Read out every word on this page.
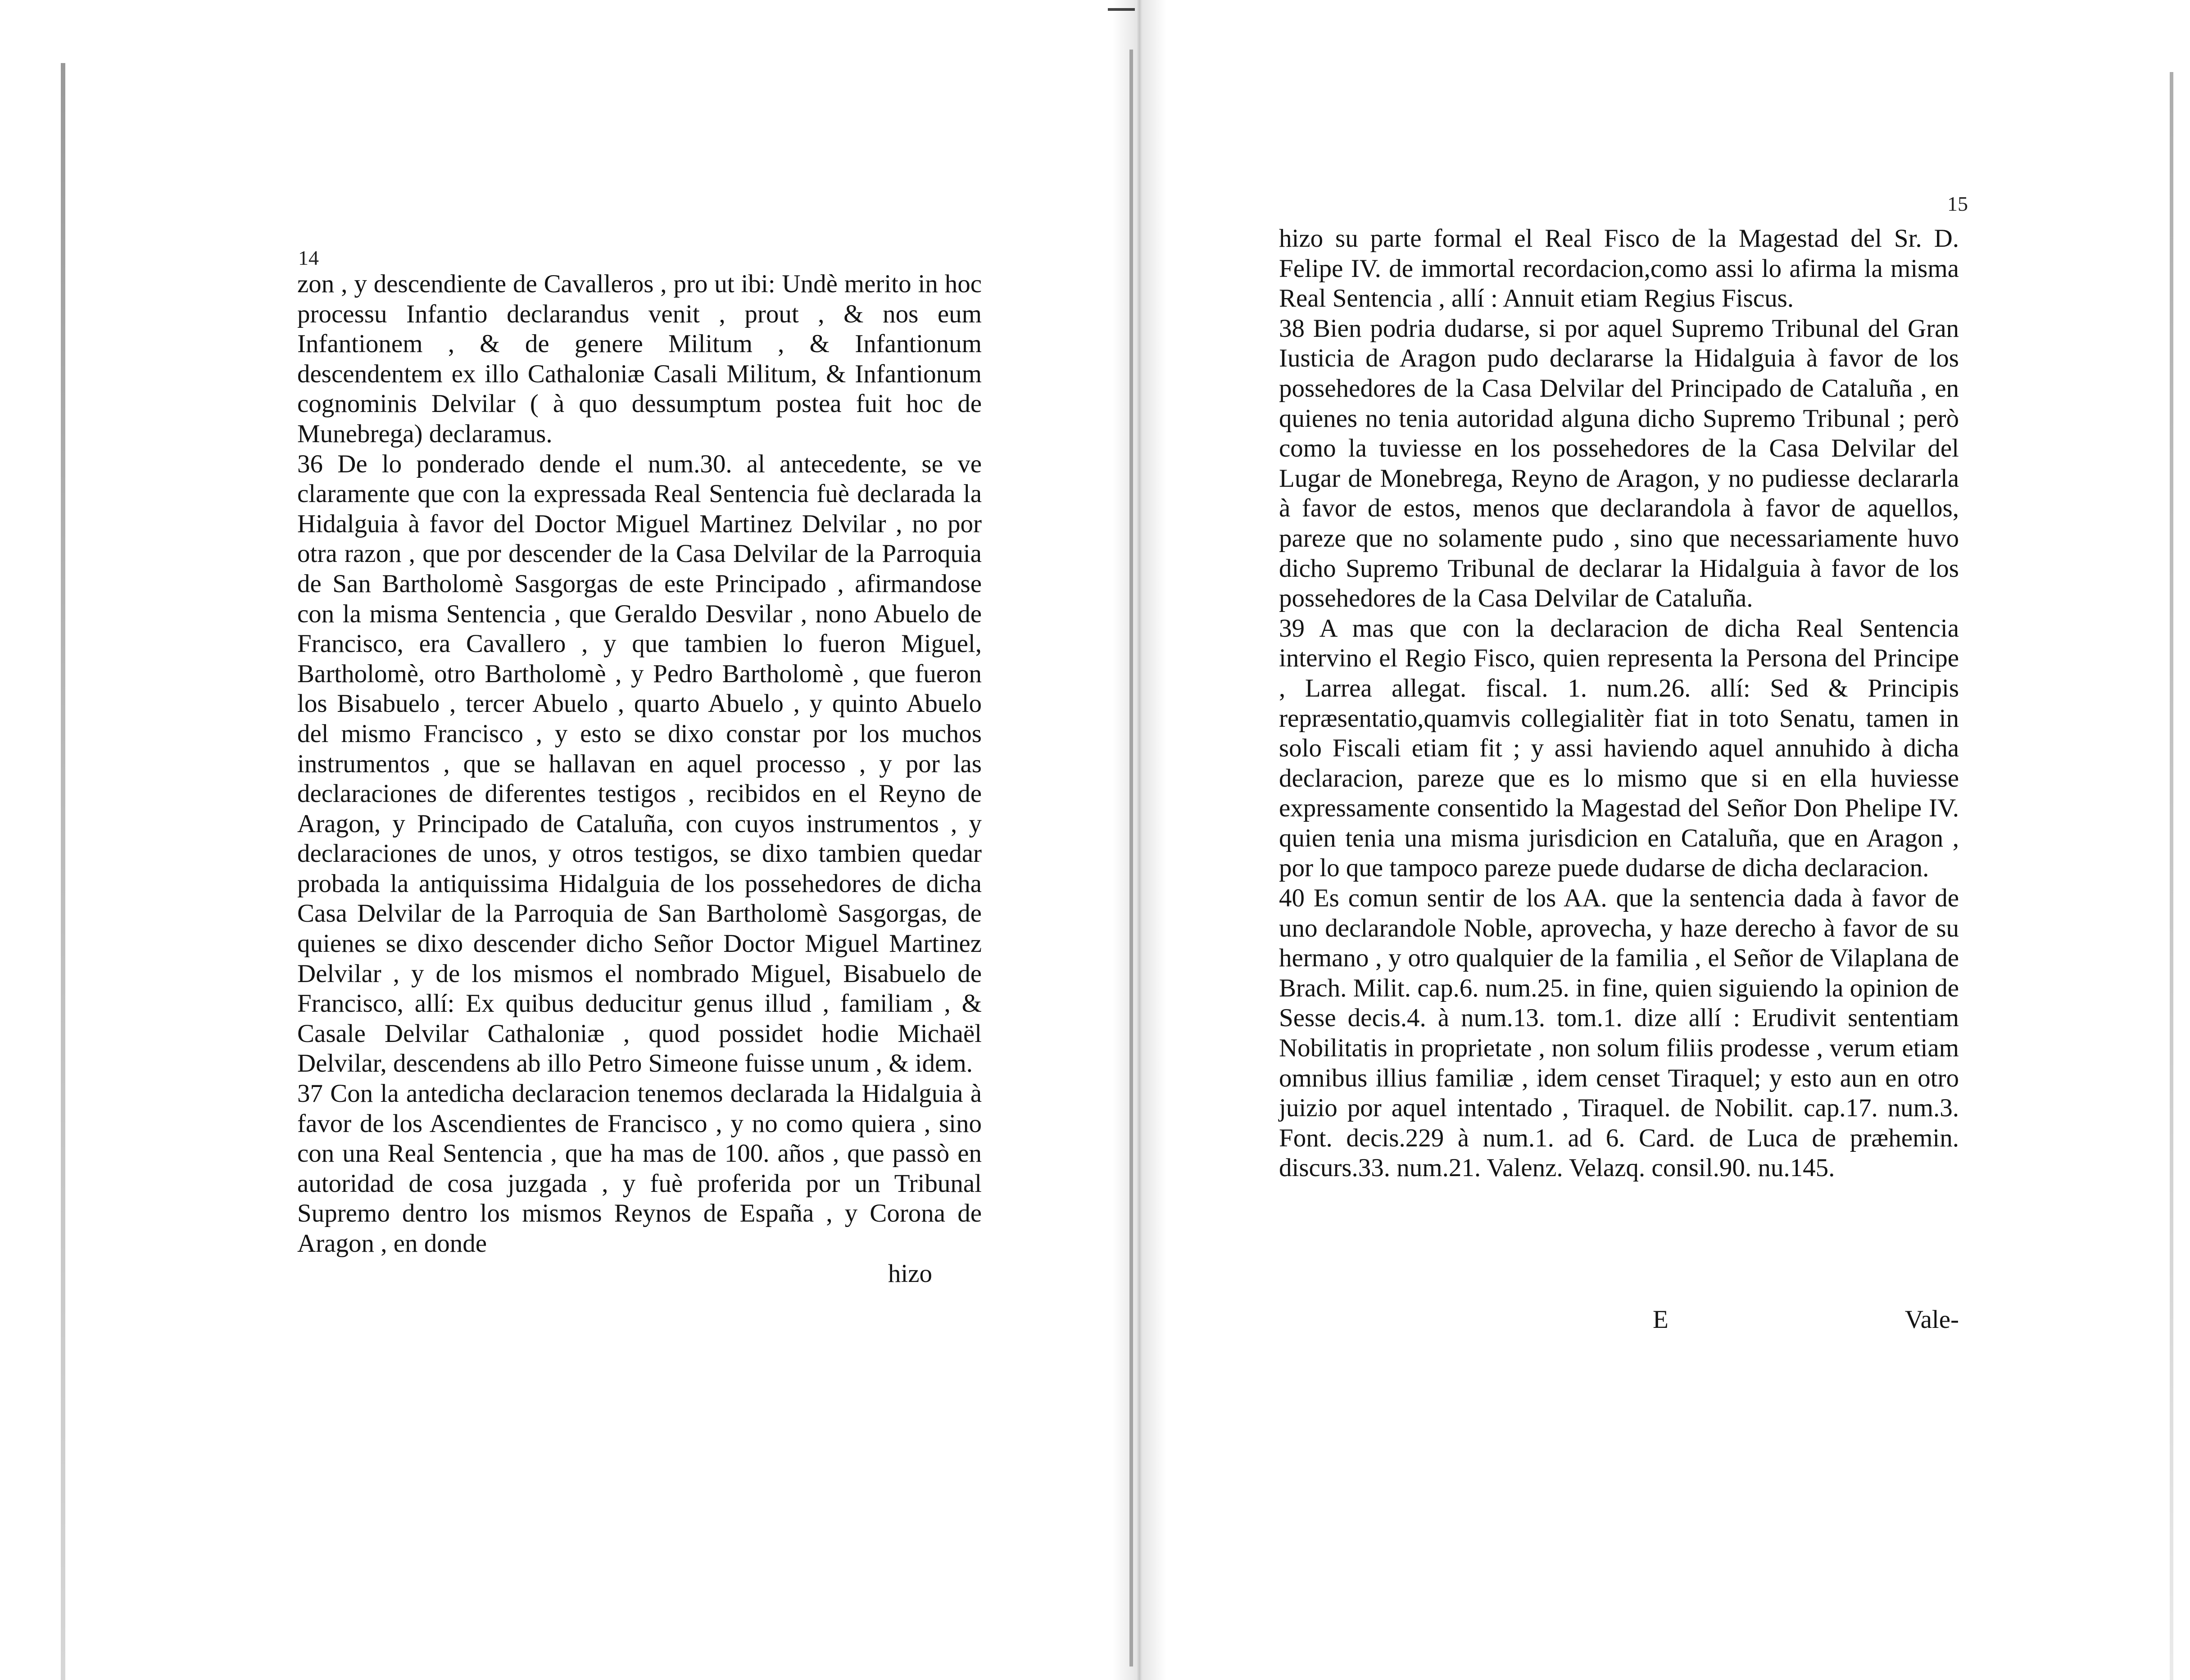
14

zon , y descendiente de Cavalleros , pro ut ibi: Undè merito in hoc processu Infantio declarandus venit , prout , & nos eum Infantionem , & de genere Militum , & Infantionum descendentem ex illo Cathaloniæ Casali Militum, & Infantionum cognominis Delvilar ( à quo dessumptum postea fuit hoc de Munebrega) declaramus.

36 De lo ponderado dende el num.30. al antecedente, se ve claramente que con la expressada Real Sentencia fuè declarada la Hidalguia à favor del Doctor Miguel Martinez Delvilar , no por otra razon , que por descender de la Casa Delvilar de la Parroquia de San Bartholomè Sasgorgas de este Principado , afirmandose con la misma Sentencia , que Geraldo Desvilar , nono Abuelo de Francisco, era Cavallero , y que tambien lo fueron Miguel, Bartholomè, otro Bartholomè , y Pedro Bartholomè , que fueron los Bisabuelo , tercer Abuelo , quarto Abuelo , y quinto Abuelo del mismo Francisco , y esto se dixo constar por los muchos instrumentos , que se hallavan en aquel processo , y por las declaraciones de diferentes testigos , recibidos en el Reyno de Aragon, y Principado de Cataluña, con cuyos instrumentos , y declaraciones de unos, y otros testigos, se dixo tambien quedar probada la antiquissima Hidalguia de los possehedores de dicha Casa Delvilar de la Parroquia de San Bartholomè Sasgorgas, de quienes se dixo descender dicho Señor Doctor Miguel Martinez Delvilar , y de los mismos el nombrado Miguel, Bisabuelo de Francisco, allí: Ex quibus deducitur genus illud , familiam , & Casale Delvilar Cathaloniæ , quod possidet hodie Michaël Delvilar, descendens ab illo Petro Simeone fuisse unum , & idem.

37 Con la antedicha declaracion tenemos declarada la Hidalguia à favor de los Ascendientes de Francisco , y no como quiera , sino con una Real Sentencia , que ha mas de 100. años , que passò en autoridad de cosa juzgada , y fuè proferida por un Tribunal Supremo dentro los mismos Reynos de España , y Corona de Aragon , en donde

hizo
15

hizo su parte formal el Real Fisco de la Magestad del Sr. D. Felipe IV. de immortal recordacion,como assi lo afirma la misma Real Sentencia , allí : Annuit etiam Regius Fiscus.

38 Bien podria dudarse, si por aquel Supremo Tribunal del Gran Iusticia de Aragon pudo declararse la Hidalguia à favor de los possehedores de la Casa Delvilar del Principado de Cataluña , en quienes no tenia autoridad alguna dicho Supremo Tribunal ; però como la tuviesse en los possehedores de la Casa Delvilar del Lugar de Monebrega, Reyno de Aragon, y no pudiesse declararla à favor de estos, menos que declarandola à favor de aquellos, pareze que no solamente pudo , sino que necessariamente huvo dicho Supremo Tribunal de declarar la Hidalguia à favor de los possehedores de la Casa Delvilar de Cataluña.

39 A mas que con la declaracion de dicha Real Sentencia intervino el Regio Fisco, quien representa la Persona del Principe , Larrea allegat. fiscal. 1. num.26. allí: Sed & Principis repræsentatio,quamvis collegialitèr fiat in toto Senatu, tamen in solo Fiscali etiam fit ; y assi haviendo aquel annuhido à dicha declaracion, pareze que es lo mismo que si en ella huviesse expressamente consentido la Magestad del Señor Don Phelipe IV. quien tenia una misma jurisdicion en Cataluña, que en Aragon , por lo que tampoco pareze puede dudarse de dicha declaracion.

40 Es comun sentir de los AA. que la sentencia dada à favor de uno declarandole Noble, aprovecha, y haze derecho à favor de su hermano , y otro qualquier de la familia , el Señor de Vilaplana de Brach. Milit. cap.6. num.25. in fine, quien siguiendo la opinion de Sesse decis.4. à num.13. tom.1. dize allí : Erudivit sententiam Nobilitatis in proprietate , non solum filiis prodesse , verum etiam omnibus illius familiæ , idem censet Tiraquel; y esto aun en otro juizio por aquel intentado , Tiraquel. de Nobilit. cap.17. num.3. Font. decis.229 à num.1. ad 6. Card. de Luca de præhemin. discurs.33. num.21. Valenz. Velazq. consil.90. nu.145.

E	Vale-
